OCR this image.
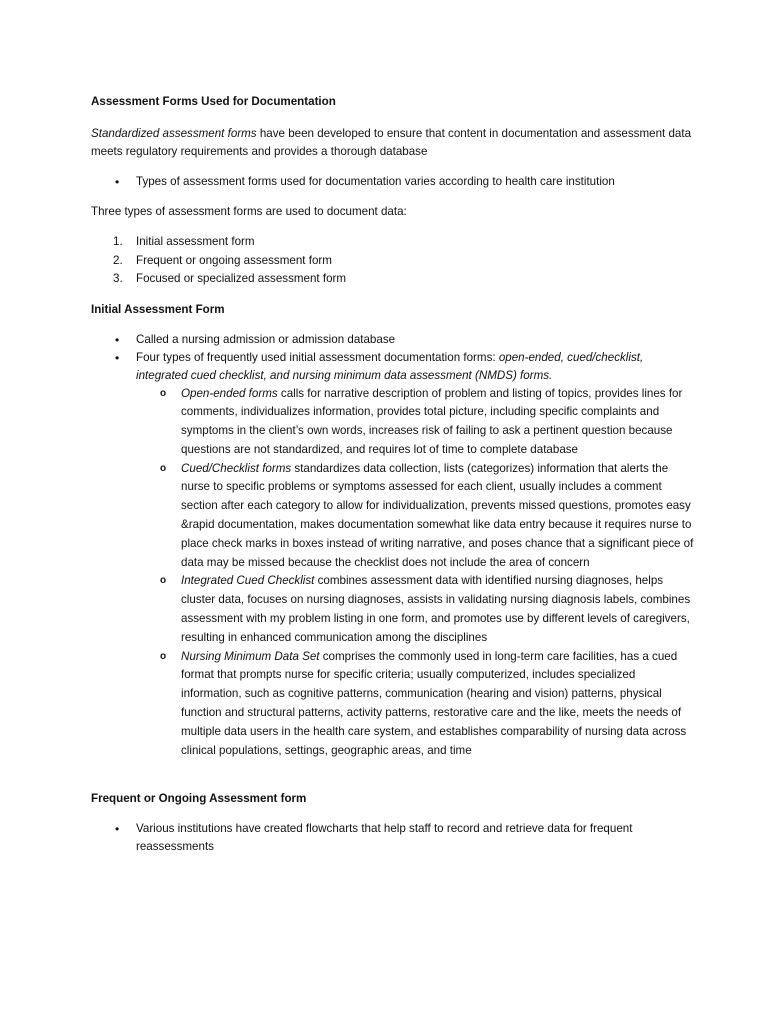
Assessment Forms Used for Documentation

Standardized assessment forms have been developed to ensure that content in documentation and assessment data meets regulatory requirements and provides a thorough database

• Types of assessment forms used for documentation varies according to health care institution

Three types of assessment forms are used to document data:

1. Initial assessment form
2. Frequent or ongoing assessment form
3. Focused or specialized assessment form

Initial Assessment Form

• Called a nursing admission or admission database
• Four types of frequently used initial assessment documentation forms: open-ended, cued/checklist, integrated cued checklist, and nursing minimum data assessment (NMDS) forms.
o Open-ended forms calls for narrative description of problem and listing of topics, provides lines for comments, individualizes information, provides total picture, including specific complaints and symptoms in the client’s own words, increases risk of failing to ask a pertinent question because questions are not standardized, and requires lot of time to complete database
o Cued/Checklist forms standardizes data collection, lists (categorizes) information that alerts the nurse to specific problems or symptoms assessed for each client, usually includes a comment section after each category to allow for individualization, prevents missed questions, promotes easy &rapid documentation, makes documentation somewhat like data entry because it requires nurse to place check marks in boxes instead of writing narrative, and poses chance that a significant piece of data may be missed because the checklist does not include the area of concern
o Integrated Cued Checklist combines assessment data with identified nursing diagnoses, helps cluster data, focuses on nursing diagnoses, assists in validating nursing diagnosis labels, combines assessment with my problem listing in one form, and promotes use by different levels of caregivers, resulting in enhanced communication among the disciplines
o Nursing Minimum Data Set comprises the commonly used in long-term care facilities, has a cued format that prompts nurse for specific criteria; usually computerized, includes specialized information, such as cognitive patterns, communication (hearing and vision) patterns, physical function and structural patterns, activity patterns, restorative care and the like, meets the needs of multiple data users in the health care system, and establishes comparability of nursing data across clinical populations, settings, geographic areas, and time

Frequent or Ongoing Assessment form

• Various institutions have created flowcharts that help staff to record and retrieve data for frequent reassessments
